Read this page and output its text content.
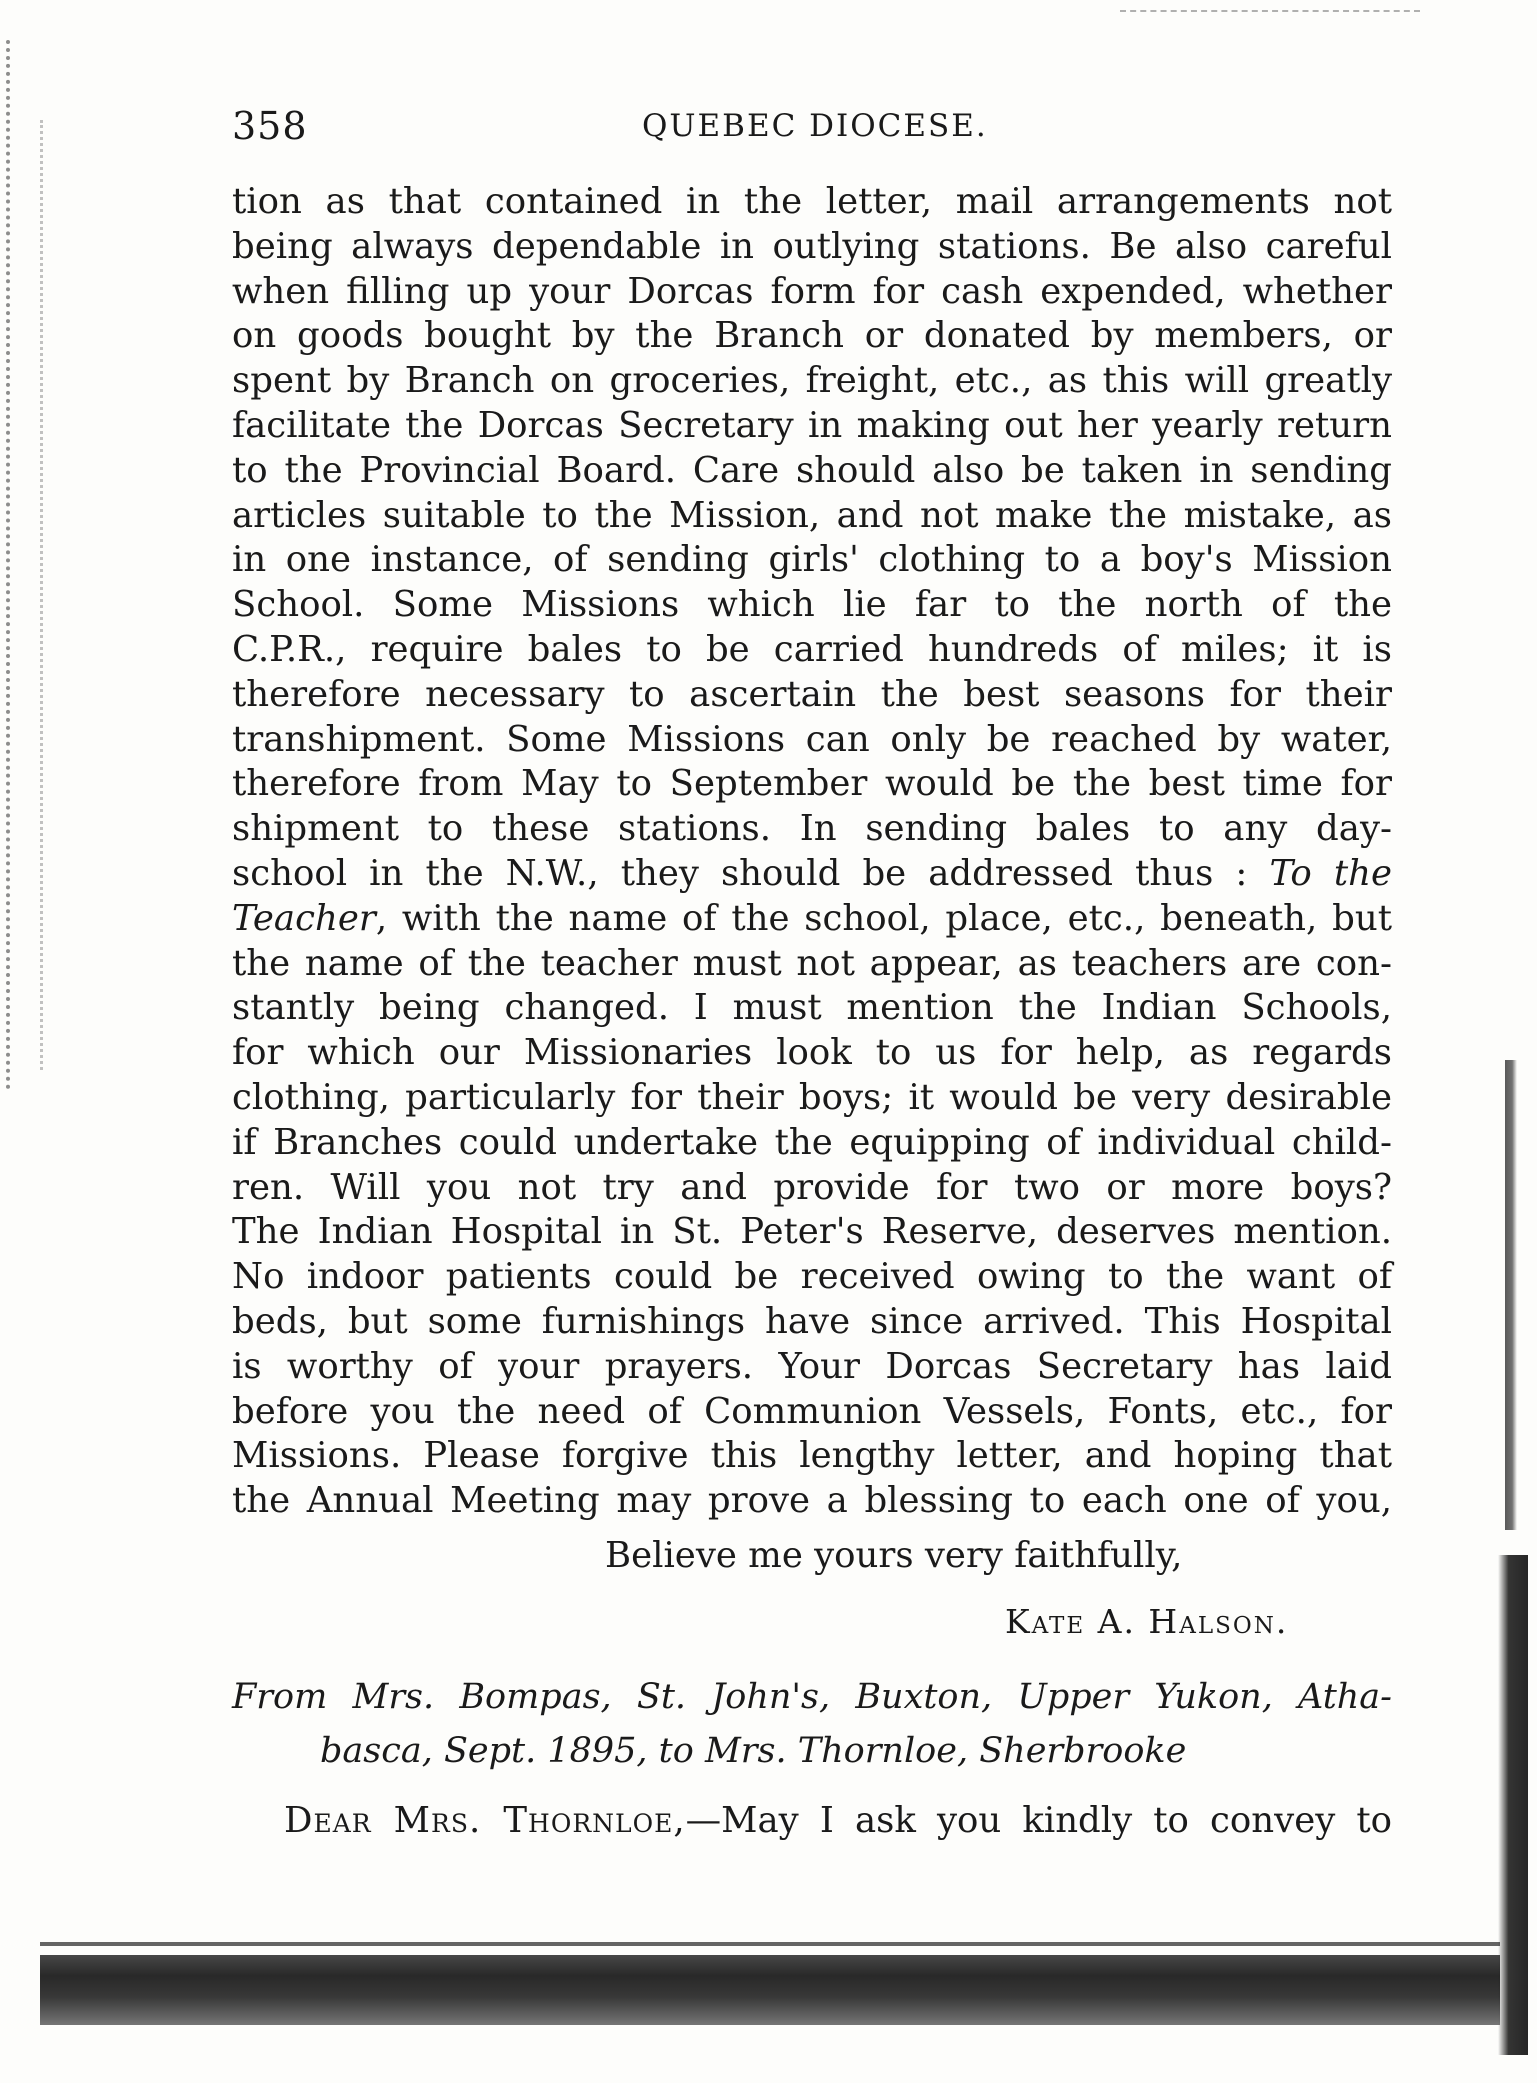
358	QUEBEC DIOCESE.
tion as that contained in the letter, mail arrangements not
being always dependable in outlying stations. Be also careful
when filling up your Dorcas form for cash expended, whether
on goods bought by the Branch or donated by members, or
spent by Branch on groceries, freight, etc., as this will greatly
facilitate the Dorcas Secretary in making out her yearly return
to the Provincial Board. Care should also be taken in sending
articles suitable to the Mission, and not make the mistake, as
in one instance, of sending girls' clothing to a boy's Mission
School. Some Missions which lie far to the north of the
C.P.R., require bales to be carried hundreds of miles; it is
therefore necessary to ascertain the best seasons for their
transhipment. Some Missions can only be reached by water,
therefore from May to September would be the best time for
shipment to these stations. In sending bales to any day-
school in the N.W., they should be addressed thus : To the
Teacher, with the name of the school, place, etc., beneath, but
the name of the teacher must not appear, as teachers are con-
stantly being changed. I must mention the Indian Schools,
for which our Missionaries look to us for help, as regards
clothing, particularly for their boys; it would be very desirable
if Branches could undertake the equipping of individual child-
ren. Will you not try and provide for two or more boys?
The Indian Hospital in St. Peter's Reserve, deserves mention.
No indoor patients could be received owing to the want of
beds, but some furnishings have since arrived. This Hospital
is worthy of your prayers. Your Dorcas Secretary has laid
before you the need of Communion Vessels, Fonts, etc., for
Missions. Please forgive this lengthy letter, and hoping that
the Annual Meeting may prove a blessing to each one of you,
Believe me yours very faithfully,
Kate A. Halson.
From Mrs. Bompas, St. John's, Buxton, Upper Yukon, Atha-
basca, Sept. 1895, to Mrs. Thornloe, Sherbrooke
Dear Mrs. Thornloe,—May I ask you kindly to convey to
